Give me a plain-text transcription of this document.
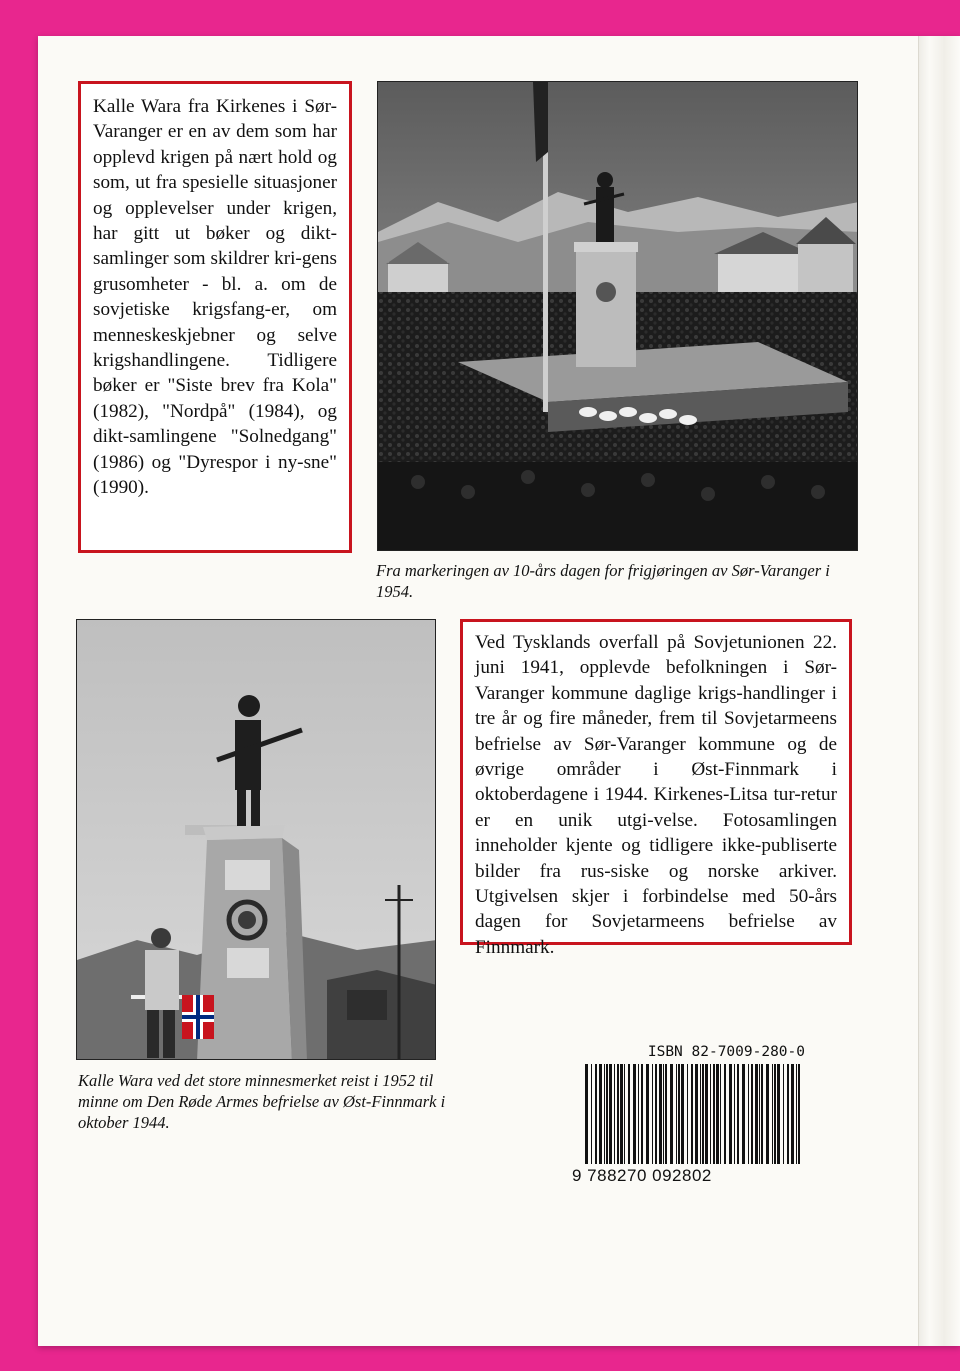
Kalle Wara fra Kirkenes i Sør-Varanger er en av dem som har opplevd krigen på nært hold og som, ut fra spesielle situasjoner og opplevelser under krigen, har gitt ut bøker og dikt-samlinger som skildrer kri-gens grusomheter - bl. a. om de sovjetiske krigsfang-er, om menneskeskjebner og selve krigshandlingene. Tidligere bøker er "Siste brev fra Kola" (1982), "Nordpå" (1984), og dikt-samlingene "Solnedgang" (1986) og "Dyrespor i ny-sne" (1990).

Fra markeringen av 10-års dagen for frigjøringen av Sør-Varanger i 1954.
Kalle Wara ved det store minnesmerket reist i 1952 til minne om Den Røde Armes befrielse av Øst-Finnmark i oktober 1944.

Ved Tysklands overfall på Sovjetunionen 22. juni 1941, opplevde befolkningen i Sør-Varanger kommune daglige krigs-handlinger i tre år og fire måneder, frem til Sovjetarmeens befrielse av Sør-Varanger kommune og de øvrige områder i Øst-Finnmark i oktoberdagene i 1944. Kirkenes-Litsa tur-retur er en unik utgi-velse. Fotosamlingen inneholder kjente og tidligere ikke-publiserte bilder fra rus-siske og norske arkiver. Utgivelsen skjer i forbindelse med 50-års dagen for Sovjetarmeens befrielse av Finnmark.

ISBN 82-7009-280-0
9 788270 092802
